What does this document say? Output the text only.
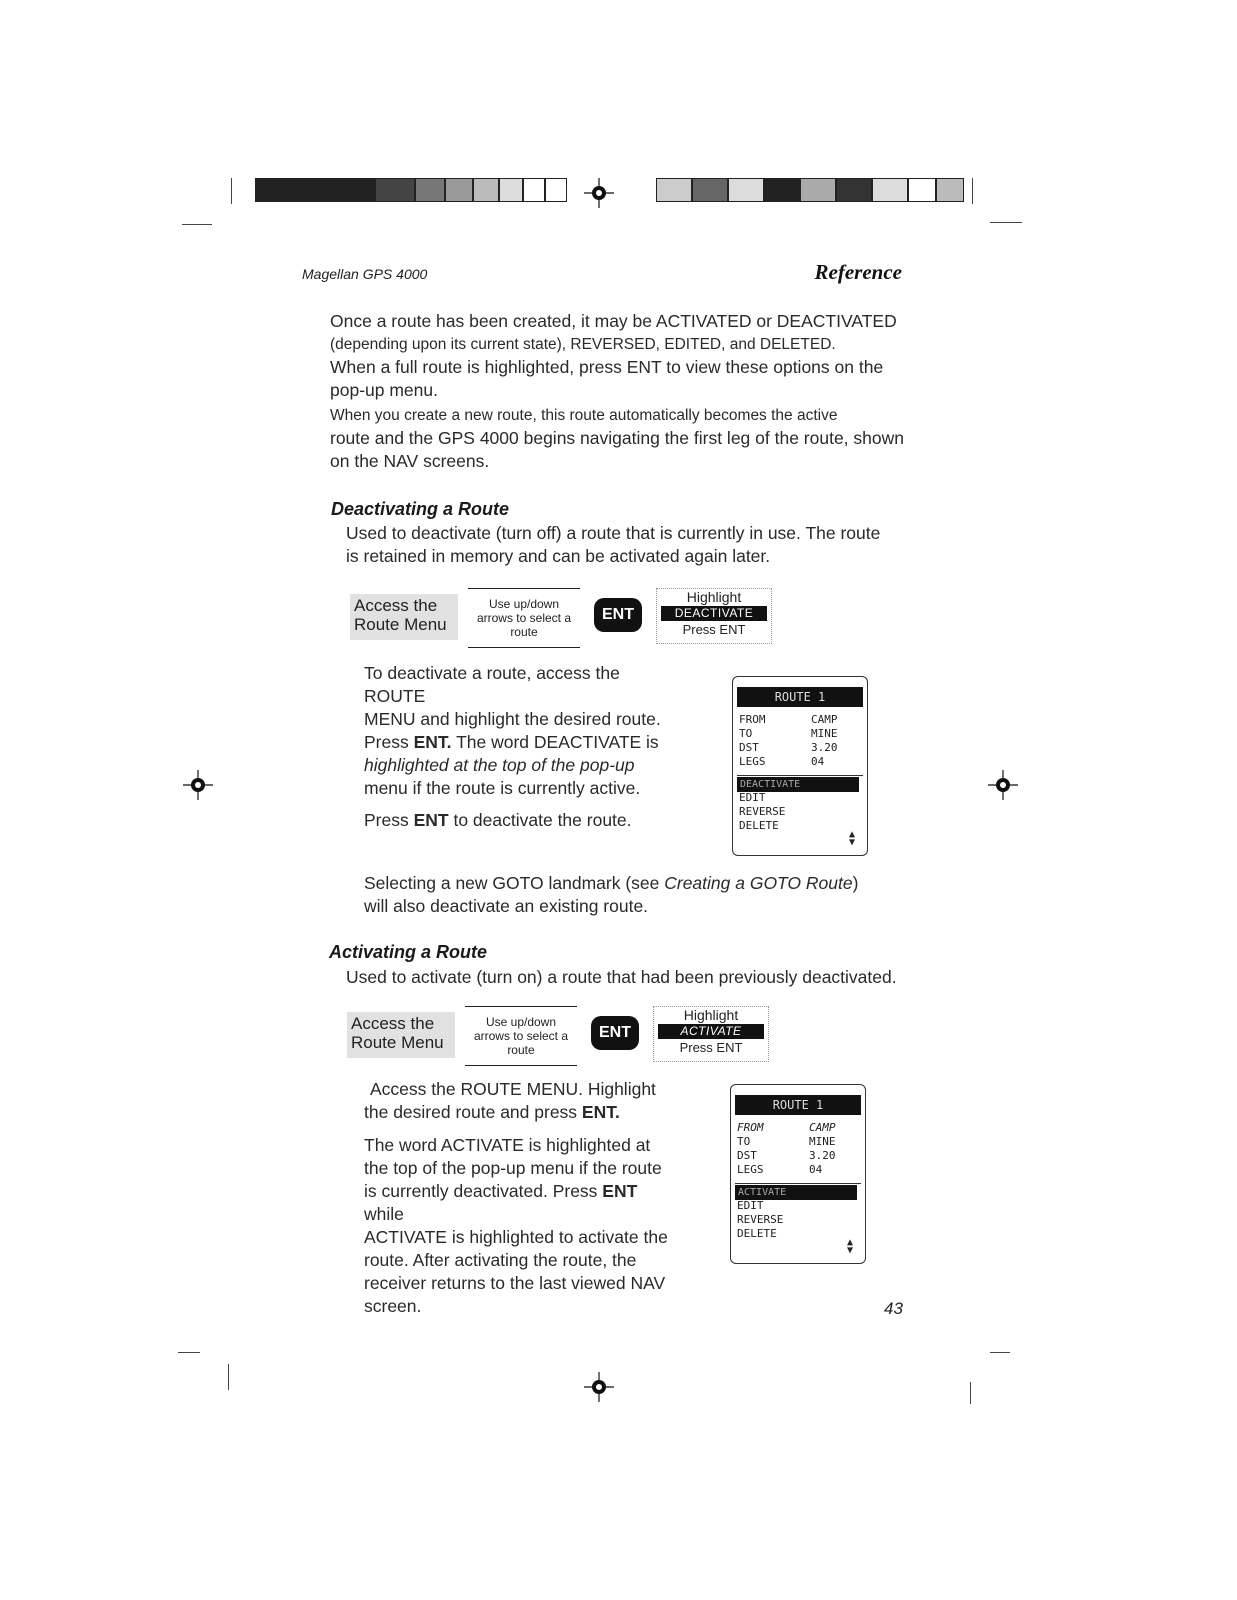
Magellan GPS 4000	Reference

Once a route has been created, it may be ACTIVATED or DEACTIVATED

(depending upon its current state), REVERSED, EDITED, and DELETED.

When a full route is highlighted, press ENT to view these options on the

pop-up menu.

When you create a new route, this route automatically becomes the active

route and the GPS 4000 begins navigating the first leg of the route, shown

on the NAV screens.

Deactivating a Route

Used to deactivate (turn off) a route that is currently in use. The route

is retained in memory and can be activated again later.

Access the
Route Menu
Use up/down
arrows to select a
route
ENT
Highlight
DEACTIVATE
Press ENT

To deactivate a route, access the ROUTE

MENU and highlight the desired route.

Press ENT. The word DEACTIVATE is

highlighted at the top of the pop-up

menu if the route is currently active.

Press ENT to deactivate the route.

ROUTE 1
FROM	CAMP
TO	MINE
DST	3.20
LEGS	04
DEACTIVATE
EDIT
REVERSE
DELETE
▲
▼

Selecting a new GOTO landmark (see Creating a GOTO Route)

will also deactivate an existing route.

Activating a Route

Used to activate (turn on) a route that had been previously deactivated.

Access the
Route Menu
Use up/down
arrows to select a
route
ENT
Highlight
ACTIVATE
Press ENT

Access the ROUTE MENU. Highlight

the desired route and press ENT.

The word ACTIVATE is highlighted at

the top of the pop-up menu if the route

is currently deactivated. Press ENT while

ACTIVATE is highlighted to activate the

route. After activating the route, the

receiver returns to the last viewed NAV

screen.

ROUTE 1
FROM	CAMP
TO	MINE
DST	3.20
LEGS	04
ACTIVATE
EDIT
REVERSE
DELETE
▲
▼
43
